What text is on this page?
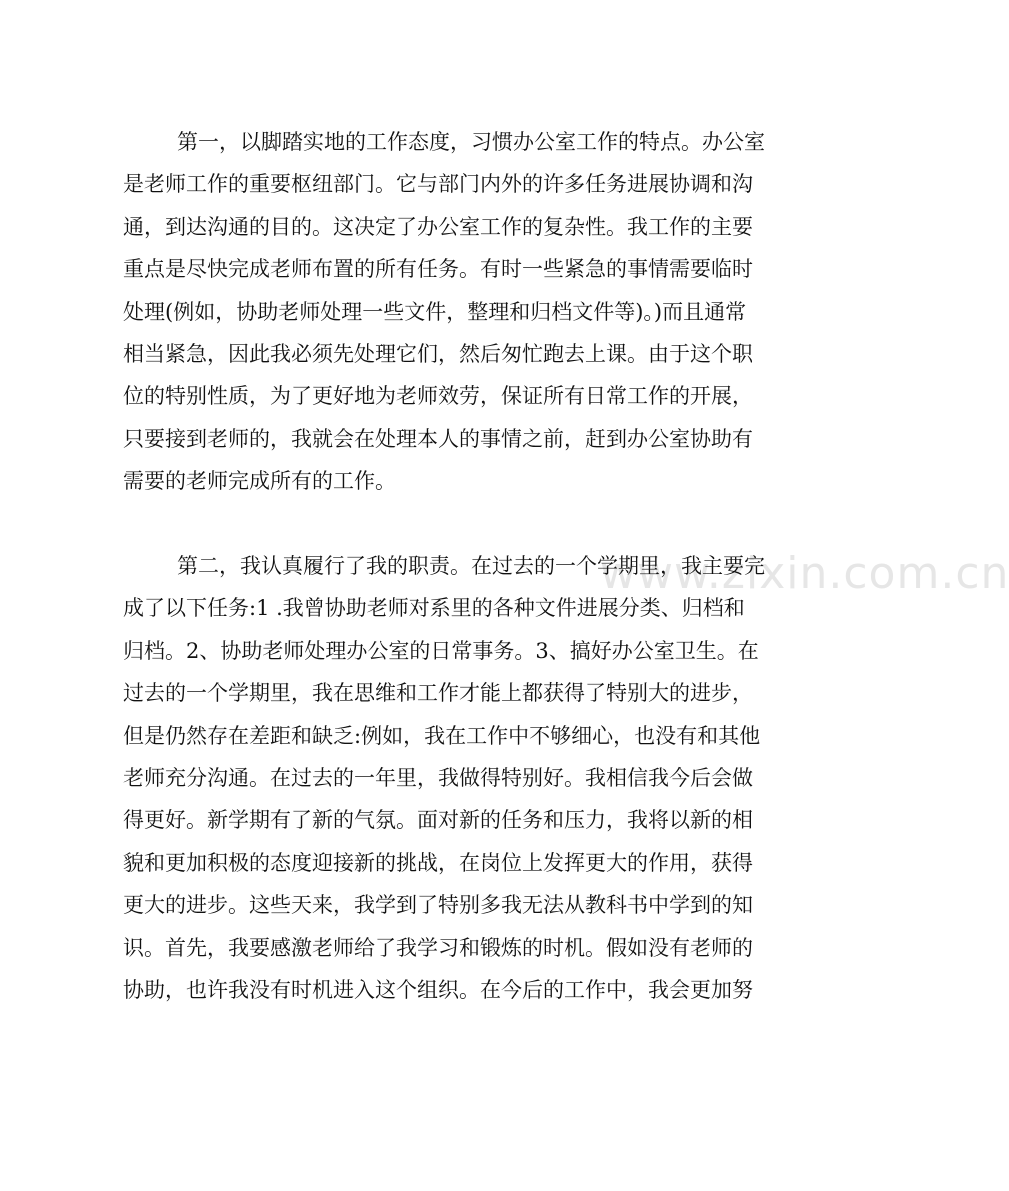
www.zixin.com.cn

第一，以脚踏实地的工作态度，习惯办公室工作的特点。办公室

是老师工作的重要枢纽部门。它与部门内外的许多任务进展协调和沟

通，到达沟通的目的。这决定了办公室工作的复杂性。我工作的主要

重点是尽快完成老师布置的所有任务。有时一些紧急的事情需要临时

处理(例如，协助老师处理一些文件，整理和归档文件等)。)而且通常

相当紧急，因此我必须先处理它们，然后匆忙跑去上课。由于这个职

位的特别性质，为了更好地为老师效劳，保证所有日常工作的开展，

只要接到老师的，我就会在处理本人的事情之前，赶到办公室协助有

需要的老师完成所有的工作。

第二，我认真履行了我的职责。在过去的一个学期里，我主要完

成了以下任务:1 .我曾协助老师对系里的各种文件进展分类、归档和

归档。2、协助老师处理办公室的日常事务。3、搞好办公室卫生。在

过去的一个学期里，我在思维和工作才能上都获得了特别大的进步，

但是仍然存在差距和缺乏:例如，我在工作中不够细心，也没有和其他

老师充分沟通。在过去的一年里，我做得特别好。我相信我今后会做

得更好。新学期有了新的气氛。面对新的任务和压力，我将以新的相

貌和更加积极的态度迎接新的挑战，在岗位上发挥更大的作用，获得

更大的进步。这些天来，我学到了特别多我无法从教科书中学到的知

识。首先，我要感激老师给了我学习和锻炼的时机。假如没有老师的

协助，也许我没有时机进入这个组织。在今后的工作中，我会更加努
